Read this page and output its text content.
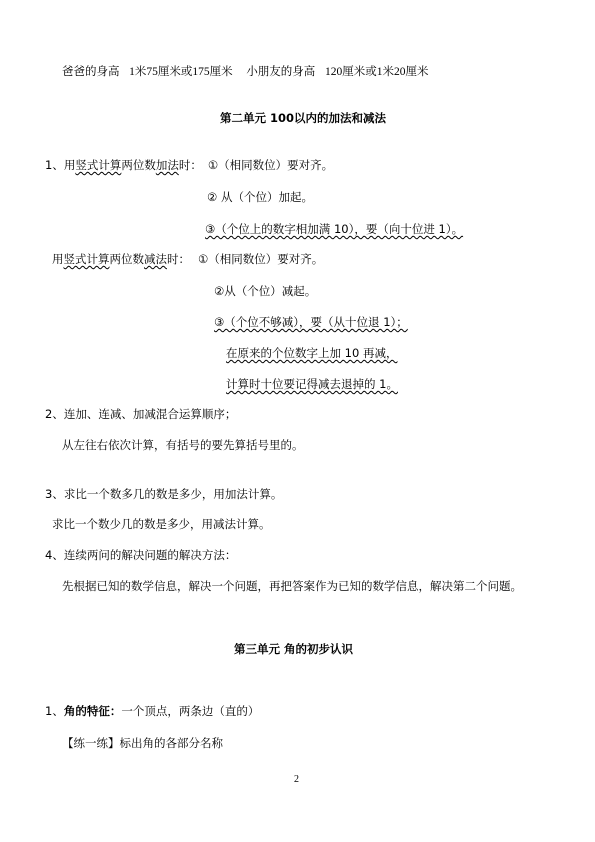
爸爸的身高 1米75厘米或175厘米 小朋友的身高 120厘米或1米20厘米
第二单元 100以内的加法和减法
1、用竖式计算两位数加法时： ①（相同数位）要对齐。
② 从（个位）加起。
③（个位上的数字相加满 10），要（向十位进 1）。
用竖式计算两位数减法时： ①（相同数位）要对齐。
②从（个位）减起。
③（个位不够减），要（从十位退 1）；
在原来的个位数字上加 10 再减，
计算时十位要记得减去退掉的 1。
2、连加、连减、加减混合运算顺序；
从左往右依次计算，有括号的要先算括号里的。
3、求比一个数多几的数是多少，用加法计算。
求比一个数少几的数是多少，用减法计算。
4、连续两问的解决问题的解决方法：
先根据已知的数学信息，解决一个问题，再把答案作为已知的数学信息，解决第二个问题。
第三单元 角的初步认识
1、角的特征：一个顶点，两条边（直的）
【练一练】标出角的各部分名称
2
